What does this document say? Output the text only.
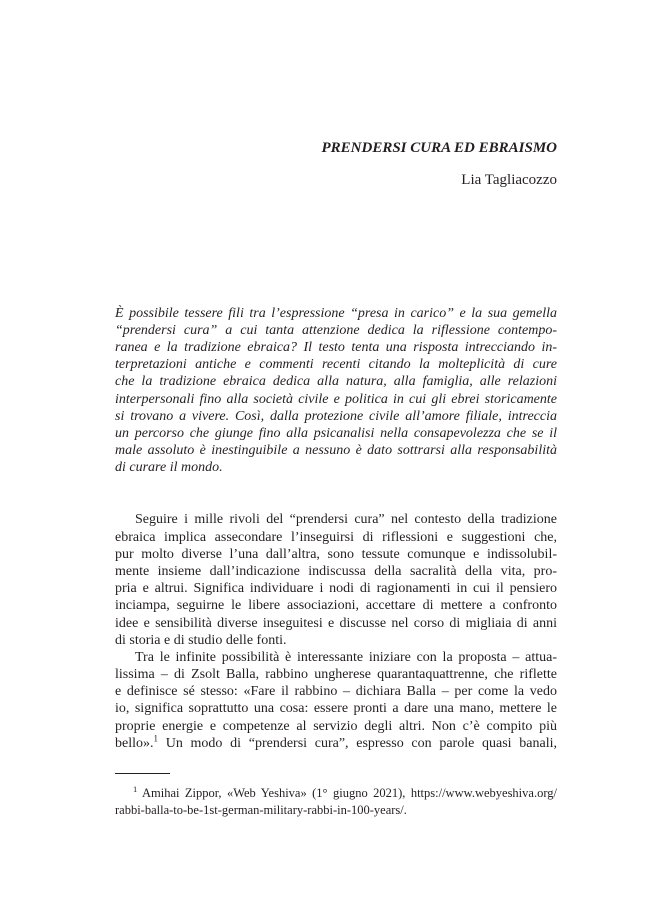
PRENDERSI CURA ED EBRAISMO
Lia Tagliacozzo
È possibile tessere fili tra l’espressione “presa in carico” e la sua gemella
“prendersi cura” a cui tanta attenzione dedica la riflessione contempo-
ranea e la tradizione ebraica? Il testo tenta una risposta intrecciando in-
terpretazioni antiche e commenti recenti citando la molteplicità di cure
che la tradizione ebraica dedica alla natura, alla famiglia, alle relazioni
interpersonali fino alla società civile e politica in cui gli ebrei storicamente
si trovano a vivere. Così, dalla protezione civile all’amore filiale, intreccia
un percorso che giunge fino alla psicanalisi nella consapevolezza che se il
male assoluto è inestinguibile a nessuno è dato sottrarsi alla responsabilità
di curare il mondo.
Seguire i mille rivoli del “prendersi cura” nel contesto della tradizione
ebraica implica assecondare l’inseguirsi di riflessioni e suggestioni che,
pur molto diverse l’una dall’altra, sono tessute comunque e indissolubil-
mente insieme dall’indicazione indiscussa della sacralità della vita, pro-
pria e altrui. Significa individuare i nodi di ragionamenti in cui il pensiero
inciampa, seguirne le libere associazioni, accettare di mettere a confronto
idee e sensibilità diverse inseguitesi e discusse nel corso di migliaia di anni
di storia e di studio delle fonti.
Tra le infinite possibilità è interessante iniziare con la proposta – attua-
lissima – di Zsolt Balla, rabbino ungherese quarantaquattrenne, che riflette
e definisce sé stesso: «Fare il rabbino – dichiara Balla – per come la vedo
io, significa soprattutto una cosa: essere pronti a dare una mano, mettere le
proprie energie e competenze al servizio degli altri. Non c’è compito più
bello».$^1$ Un modo di “prendersi cura”, espresso con parole quasi banali,
$^1$ Amihai Zippor, «Web Yeshiva» (1° giugno 2021), https://www.webyeshiva.org/
rabbi-balla-to-be-1st-german-military-rabbi-in-100-years/.
